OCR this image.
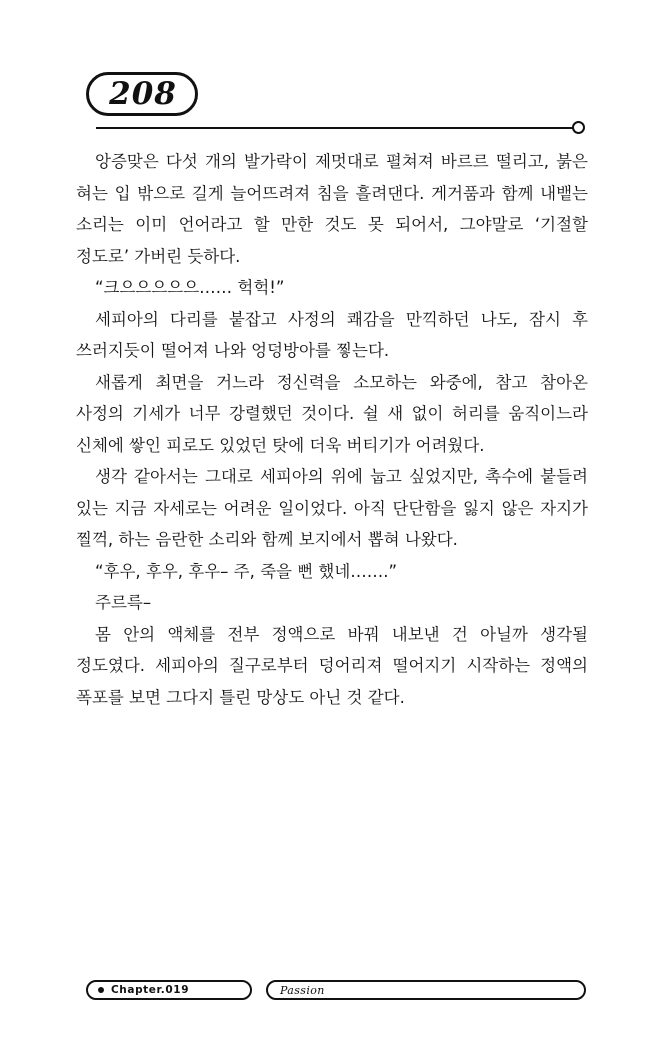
208

앙증맞은 다섯 개의 발가락이 제멋대로 펼쳐져 바르르 떨리고, 붉은 혀는 입 밖으로 길게 늘어뜨려져 침을 흘려댄다. 게거품과 함께 내뱉는 소리는 이미 언어라고 할 만한 것도 못 되어서, 그야말로 ‘기절할 정도로’ 가버린 듯하다.

“크으으으으으…… 헉헉!”

세피아의 다리를 붙잡고 사정의 쾌감을 만끽하던 나도, 잠시 후 쓰러지듯이 떨어져 나와 엉덩방아를 찧는다.

새롭게 최면을 거느라 정신력을 소모하는 와중에, 참고 참아온 사정의 기세가 너무 강렬했던 것이다. 쉴 새 없이 허리를 움직이느라 신체에 쌓인 피로도 있었던 탓에 더욱 버티기가 어려웠다.

생각 같아서는 그대로 세피아의 위에 눕고 싶었지만, 촉수에 붙들려 있는 지금 자세로는 어려운 일이었다. 아직 단단함을 잃지 않은 자지가 찔꺽, 하는 음란한 소리와 함께 보지에서 뽑혀 나왔다.

“후우, 후우, 후우– 주, 죽을 뻔 했네…….”

주르륵–

몸 안의 액체를 전부 정액으로 바꿔 내보낸 건 아닐까 생각될 정도였다. 세피아의 질구로부터 덩어리져 떨어지기 시작하는 정액의 폭포를 보면 그다지 틀린 망상도 아닌 것 같다.

Chapter.019	Passion
